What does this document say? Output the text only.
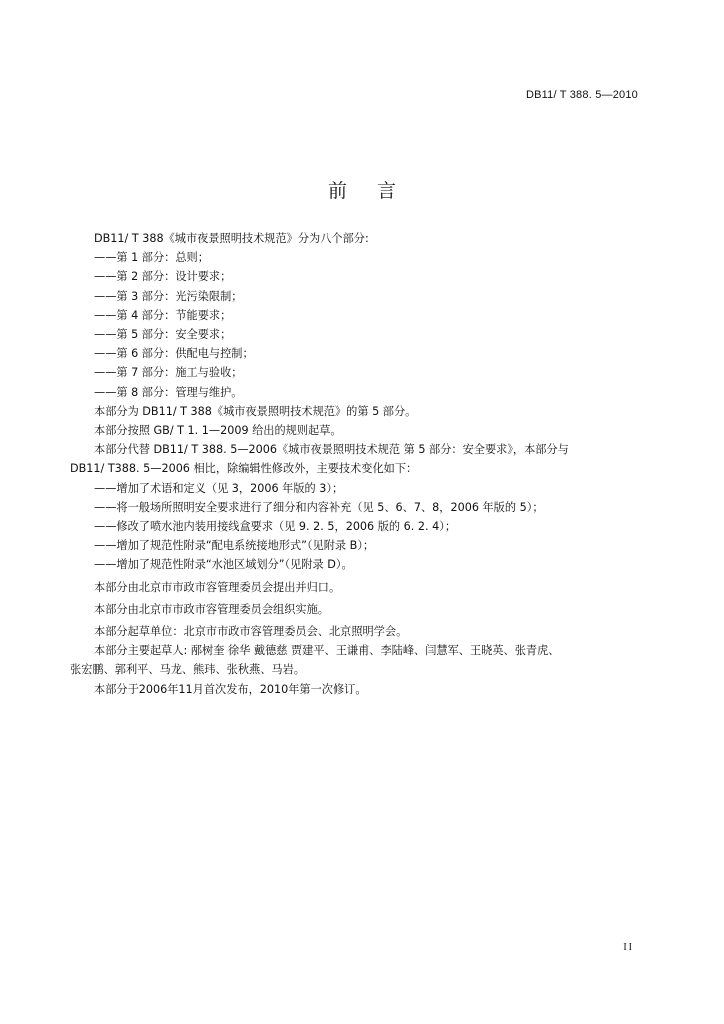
DB11/ T 388. 5—2010
前言

DB11/ T 388《城市夜景照明技术规范》分为八个部分:

——第 1 部分：总则；

——第 2 部分：设计要求；

——第 3 部分：光污染限制；

——第 4 部分：节能要求；

——第 5 部分：安全要求；

——第 6 部分：供配电与控制；

——第 7 部分：施工与验收；

——第 8 部分：管理与维护。

本部分为 DB11/ T 388《城市夜景照明技术规范》的第 5 部分。

本部分按照 GB/ T 1. 1—2009 给出的规则起草。

本部分代替 DB11/ T 388. 5—2006《城市夜景照明技术规范 第 5 部分：安全要求》，本部分与

DB11/ T388. 5—2006 相比，除编辑性修改外，主要技术变化如下：

——增加了术语和定义（见 3，2006 年版的 3）；

——将一般场所照明安全要求进行了细分和内容补充（见 5、6、7、8，2006 年版的 5）；

——修改了喷水池内装用接线盒要求（见 9. 2. 5，2006 版的 6. 2. 4）；

——增加了规范性附录“配电系统接地形式”（见附录 B）；

——增加了规范性附录“水池区域划分”（见附录 D）。

本部分由北京市市政市容管理委员会提出并归口。

本部分由北京市市政市容管理委员会组织实施。

本部分起草单位：北京市市政市容管理委员会、北京照明学会。

本部分主要起草人: 邴树奎 徐华 戴德慈 贾建平、王谦甫、李陆峰、闫慧军、王晓英、张青虎、

张宏鹏、郭利平、马龙、熊玮、张秋燕、马岩。

本部分于2006年11月首次发布，2010年第一次修订。

II
